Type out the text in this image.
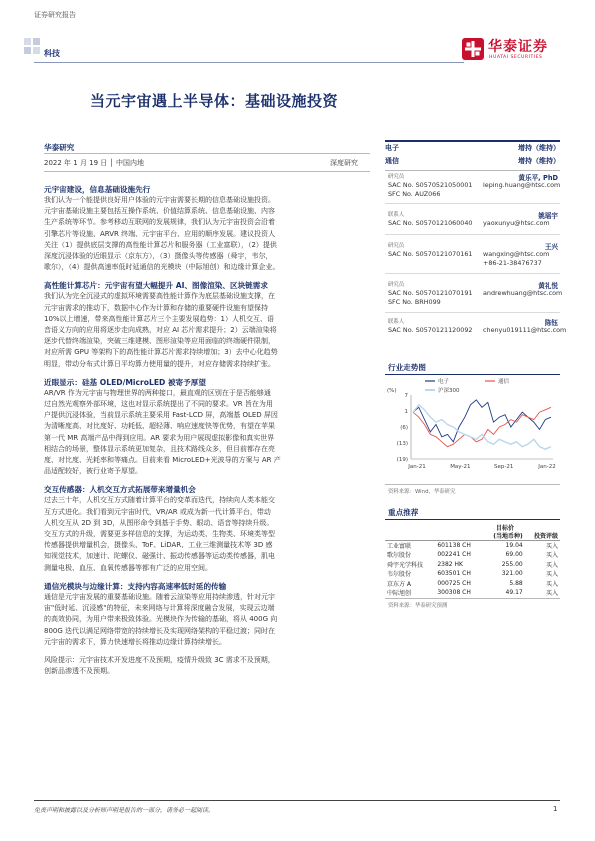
证券研究报告
科技	华泰证券
HUATAI SECURITIES
当元宇宙遇上半导体：基础设施投资
华泰研究
2022 年 1 月 19 日 │ 中国内地	深度研究
元宇宙建设，信息基础设施先行
我们认为一个能提供良好用户体验的元宇宙需要长期的信息基础设施投资。
元宇宙基础设施主要包括互操作系统、价值结算系统、信息基础设施、内容
生产系统等环节。参考移动互联网的发展规律，我们认为元宇宙投资会沿着
引擎芯片等设施、ARVR 终端、元宇宙平台、应用的顺序发展。建议投资人
关注（1）提供底层支撑的高性能计算芯片和服务器（工业富联），（2）提供
深度沉浸体验的近眼显示（京东方），（3）摄像头等传感器（舜宇，韦尔，
歌尔），（4）提供高速率低时延通信的光模块（中际旭创）和边缘计算企业。
高性能计算芯片：元宇宙有望大幅提升 AI、图像渲染、区块链需求
我们认为完全沉浸式的虚拟环境需要高性能计算作为底层基础设施支撑，在
元宇宙需求的推动下，数据中心作为计算和存储的重要硬件设施有望保持
10%以上增速，带来高性能计算芯片三个主要发展趋势：1）人机交互、语
音语义方向的应用将逐步走向成熟，对应 AI 芯片需求提升；2）云端渲染将
逐步代替终端渲染，突破三维建模、图形渲染等应用面临的终端硬件限制，
对应所需 GPU 等架构下的高性能计算芯片需求持续增加；3）去中心化趋势
明显，带动分布式计算日平均算力使用量的提升，对应存储需求持续扩张。
近眼显示：硅基 OLED/MicroLED 被寄予厚望
AR/VR 作为元宇宙与物理世界的两种接口，最直观的区别在于是否能够通
过自然光观察外部环境，这也对显示系统提出了不同的要求。VR 旨在为用
户提供沉浸体验，当前显示系统主要采用 Fast-LCD 屏，高端基 OLED 屏因
为清晰度高、对比度好、功耗低、超轻薄、响应速度快等优势，有望在苹果
第一代 MR 高端产品中得到应用。AR 要求为用户展现虚拟影像和真实世界
相结合的场景，整体显示系统更加复杂，且技术路线众多，但目前都存在亮
度、对比度、光耗率和等痛点。目前来看 MicroLED+光波导的方案与 AR 产
品适配较好，被行业寄予厚望。
交互传感器：人机交互方式拓展带来增量机会
过去三十年，人机交互方式随着计算平台的变革而迭代，持续向人类本能交
互方式进化。我们看到元宇宙时代，VR/AR 或成为新一代计算平台，带动
人机交互从 2D 到 3D，从图形命令到基于手势、眼动、语音等持续升级。
交互方式的升级，需要更多样信息的支撑，为运动类、生物类、环境类等型
传感器提供增量机会，摄像头、ToF、LiDAR、工业三维测量技术等 3D 感
知视觉技术，加速计、陀螺仪、磁强计、振动传感器等运动类传感器，肌电
测量电极、血压、血氧传感器等都有广泛的应用空间。
通信光模块与边缘计算：支持内容高速率低时延的传输
通信是元宇宙发展的重要基础设施。随着云渲染等应用持续渗透，针对元宇
宙"低时延、沉浸感"的特征，未来网络与计算将深度融合发展，实现云边端
的高效协同，为用户带来极致体验。光模块作为传输的基础，将从 400G 向
800G 迭代以满足网络带宽的持续增长及实现网络架构的平稳过渡；同时在
元宇宙的需求下，算力快速增长将推动边缘计算持续增长。
风险提示：元宇宙技术开发进度不及预期，疫情升级致 3C 需求不及预期，
创新品渗透不及预期。
电子	增持（维持）
通信	增持（维持）
研究员	黄乐平, PhD
SAC No. S0570521050001 leping.huang@htsc.com
SFC No. AUZ066
联系人	姚瑶宇
SAC No. S0570121060040 yaoxunyu@htsc.com
研究员	王兴
SAC No. S0570121070161 wangxing@htsc.com
+86-21-38476737
研究员	黄礼悦
SAC No. S0570121070191 andrewhuang@htsc.com
SFC No. BRH099
联系人	陈钰
SAC No. S0570121120092 chenyu019111@htsc.com
行业走势图
(%)
7
1
(6)
(13)
(19)
Jan-21	May-21	Sep-21	Jan-22
电子	通信
沪深300
资料来源：Wind，华泰研究
重点推荐
目标价
股票名称	代码	(当地币种)	投资评级
工业富联	601138 CH	19.04	买入
歌尔股份	002241 CH	69.00	买入
舜宇光学科技	2382 HK	255.00	买入
韦尔股份	603501 CH	321.00	买入
京东方 A	000725 CH	5.88	买入
中际旭创	300308 CH	49.17	买入
资料来源：华泰研究预测
免责声明和披露以及分析师声明是报告的一部分，请务必一起阅读。	1
